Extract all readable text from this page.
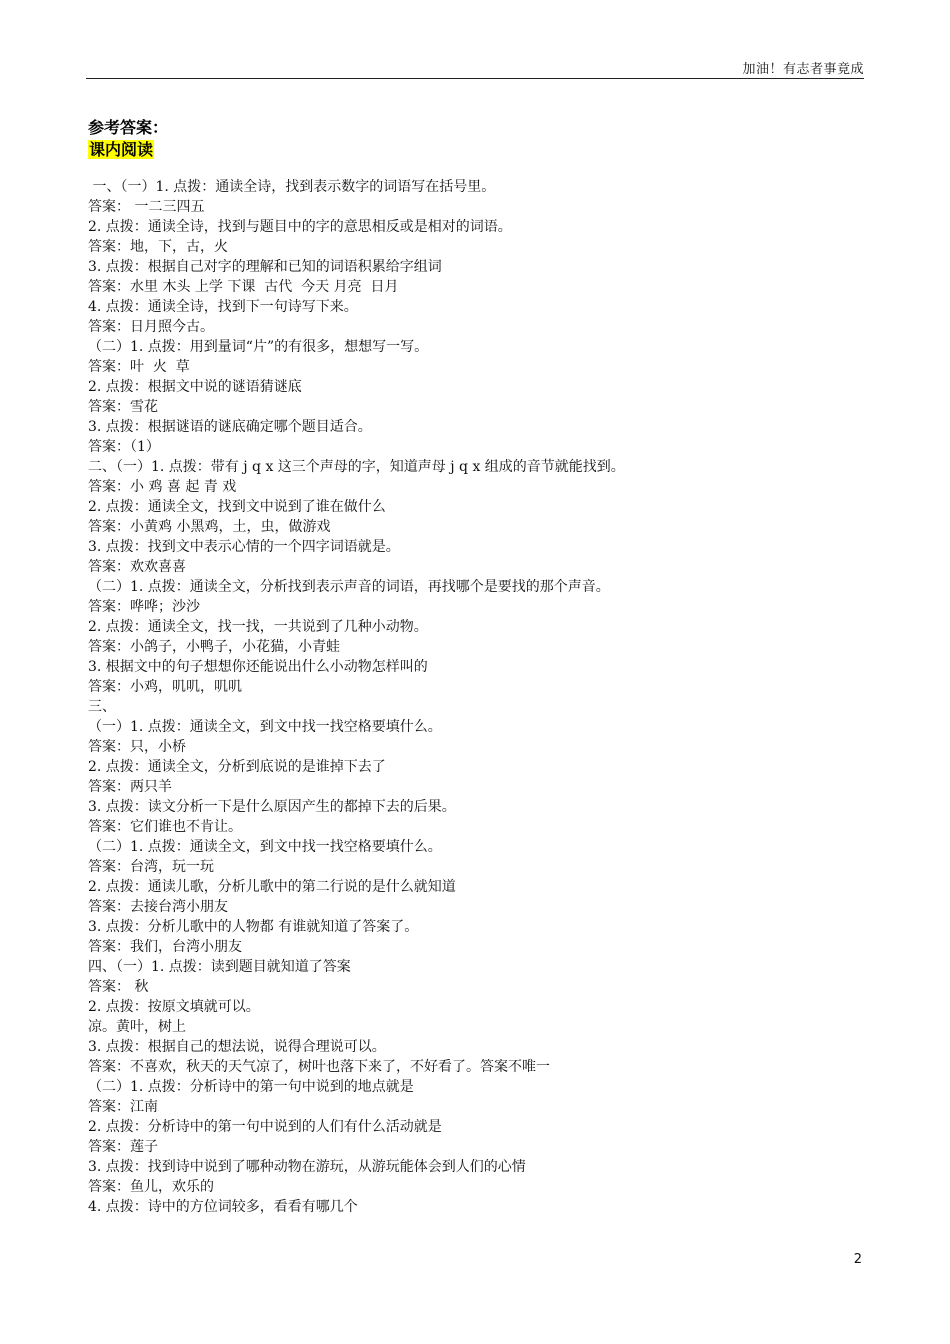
加油！有志者事竟成
参考答案：
课内阅读
一、（一）1. 点拨：通读全诗，找到表示数字的词语写在括号里。
答案： 一二三四五
2. 点拨：通读全诗，找到与题目中的字的意思相反或是相对的词语。
答案：地，下，古，火
3. 点拨：根据自己对字的理解和已知的词语积累给字组词
答案：水里 木头 上学 下课  古代  今天 月亮  日月
4. 点拨：通读全诗，找到下一句诗写下来。
答案：日月照今古。
（二）1. 点拨：用到量词“片”的有很多，想想写一写。
答案：叶  火  草
2. 点拨：根据文中说的谜语猜谜底
答案：雪花
3. 点拨：根据谜语的谜底确定哪个题目适合。
答案：（1）
二、（一）1. 点拨：带有 j q x 这三个声母的字，知道声母 j q x 组成的音节就能找到。
答案：小 鸡 喜 起 青 戏
2. 点拨：通读全文，找到文中说到了谁在做什么
答案：小黄鸡 小黑鸡，土，虫，做游戏
3. 点拨：找到文中表示心情的一个四字词语就是。
答案：欢欢喜喜
（二）1. 点拨：通读全文，分析找到表示声音的词语，再找哪个是要找的那个声音。
答案：哗哗；沙沙
2. 点拨：通读全文，找一找，一共说到了几种小动物。
答案：小鸽子，小鸭子，小花猫，小青蛙
3. 根据文中的句子想想你还能说出什么小动物怎样叫的
答案：小鸡，叽叽，叽叽
三、
（一）1. 点拨：通读全文，到文中找一找空格要填什么。
答案：只，小桥
2. 点拨：通读全文，分析到底说的是谁掉下去了
答案：两只羊
3. 点拨：读文分析一下是什么原因产生的都掉下去的后果。
答案：它们谁也不肯让。
（二）1. 点拨：通读全文，到文中找一找空格要填什么。
答案：台湾，玩一玩
2. 点拨：通读儿歌，分析儿歌中的第二行说的是什么就知道
答案：去接台湾小朋友
3. 点拨：分析儿歌中的人物都 有谁就知道了答案了。
答案：我们，台湾小朋友
四、（一）1. 点拨：读到题目就知道了答案
答案： 秋
2. 点拨：按原文填就可以。
凉。黄叶，树上
3. 点拨：根据自己的想法说，说得合理说可以。
答案：不喜欢，秋天的天气凉了，树叶也落下来了，不好看了。答案不唯一
（二）1. 点拨：分析诗中的第一句中说到的地点就是
答案：江南
2. 点拨：分析诗中的第一句中说到的人们有什么活动就是
答案：莲子
3. 点拨：找到诗中说到了哪种动物在游玩，从游玩能体会到人们的心情
答案：鱼儿，欢乐的
4. 点拨：诗中的方位词较多，看看有哪几个
2
